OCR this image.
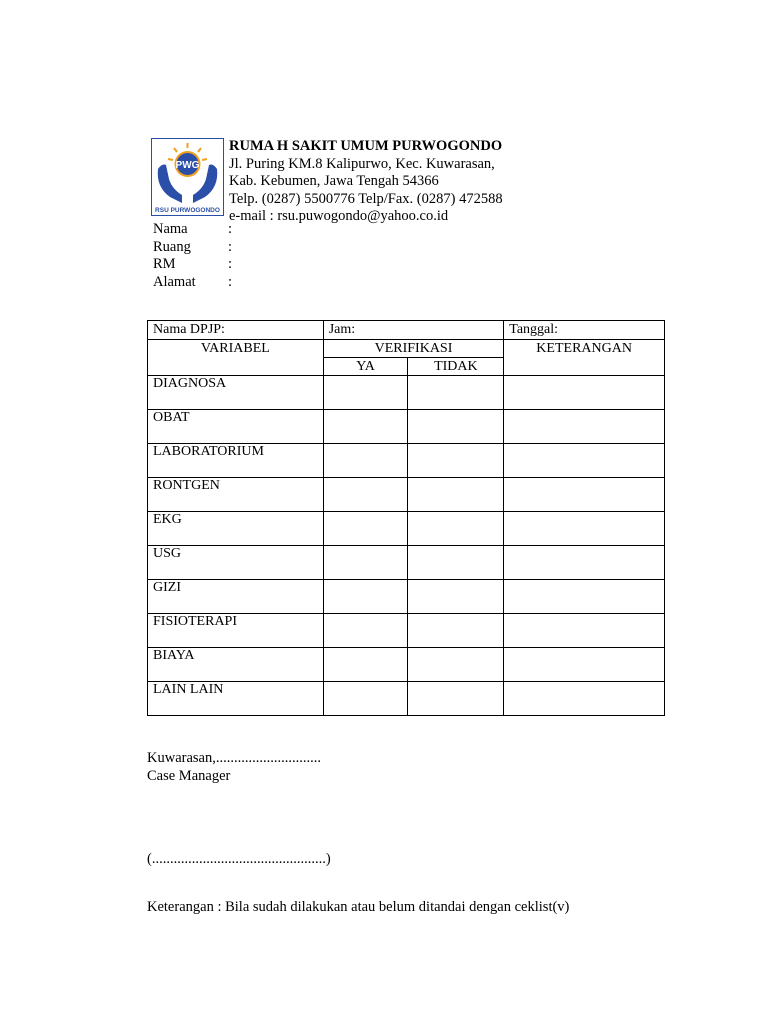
PWG
RSU PURWOGONDO
RUMA H SAKIT UMUM PURWOGONDO
Jl. Puring KM.8 Kalipurwo, Kec. Kuwarasan,
Kab. Kebumen, Jawa Tengah 54366
Telp. (0287) 5500776 Telp/Fax. (0287) 472588
e-mail : rsu.puwogondo@yahoo.co.id
Nama	:
Ruang	:
RM	:
Alamat	:
Nama DPJP:	Jam:		Tanggal:
VARIABEL	VERIFIKASI		KETERANGAN
	YA	TIDAK	
DIAGNOSA			
OBAT			
LABORATORIUM			
RONTGEN			
EKG			
USG			
GIZI			
FISIOTERAPI			
BIAYA			
LAIN LAIN			
Kuwarasan,.............................
Case Manager
(................................................)
Keterangan : Bila sudah dilakukan atau belum ditandai dengan ceklist(v)
